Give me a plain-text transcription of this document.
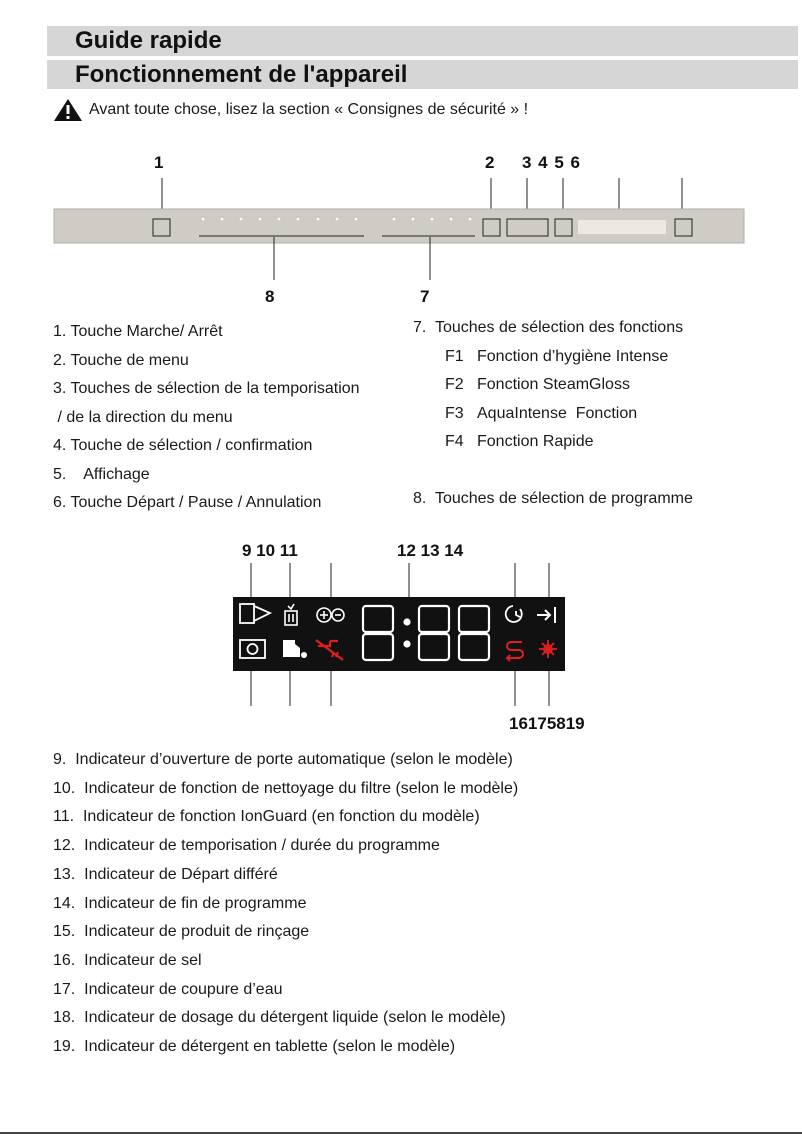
Guide rapide
Fonctionnement de l'appareil
Avant toute chose, lisez la section « Consignes de sécurité » !
1	2 3 4 5 6
8	7
1. Touche Marche/ Arrêt
2. Touche de menu
3. Touches de sélection de la temporisation
/ de la direction du menu
4. Touche de sélection / confirmation
5.    Affichage
6. Touche Départ / Pause / Annulation
7.  Touches de sélection des fonctions
F1 Fonction d’hygiène Intense
F2 Fonction SteamGloss
F3 AquaIntense  Fonction
F4 Fonction Rapide

8.  Touches de sélection de programme
9 10 11	12 13 14
16175819
9.  Indicateur d’ouverture de porte automatique (selon le modèle)
10.  Indicateur de fonction de nettoyage du filtre (selon le modèle)
11.  Indicateur de fonction IonGuard (en fonction du modèle)
12.  Indicateur de temporisation / durée du programme
13.  Indicateur de Départ différé
14.  Indicateur de fin de programme
15.  Indicateur de produit de rinçage
16.  Indicateur de sel
17.  Indicateur de coupure d’eau
18.  Indicateur de dosage du détergent liquide (selon le modèle)
19.  Indicateur de détergent en tablette (selon le modèle)
